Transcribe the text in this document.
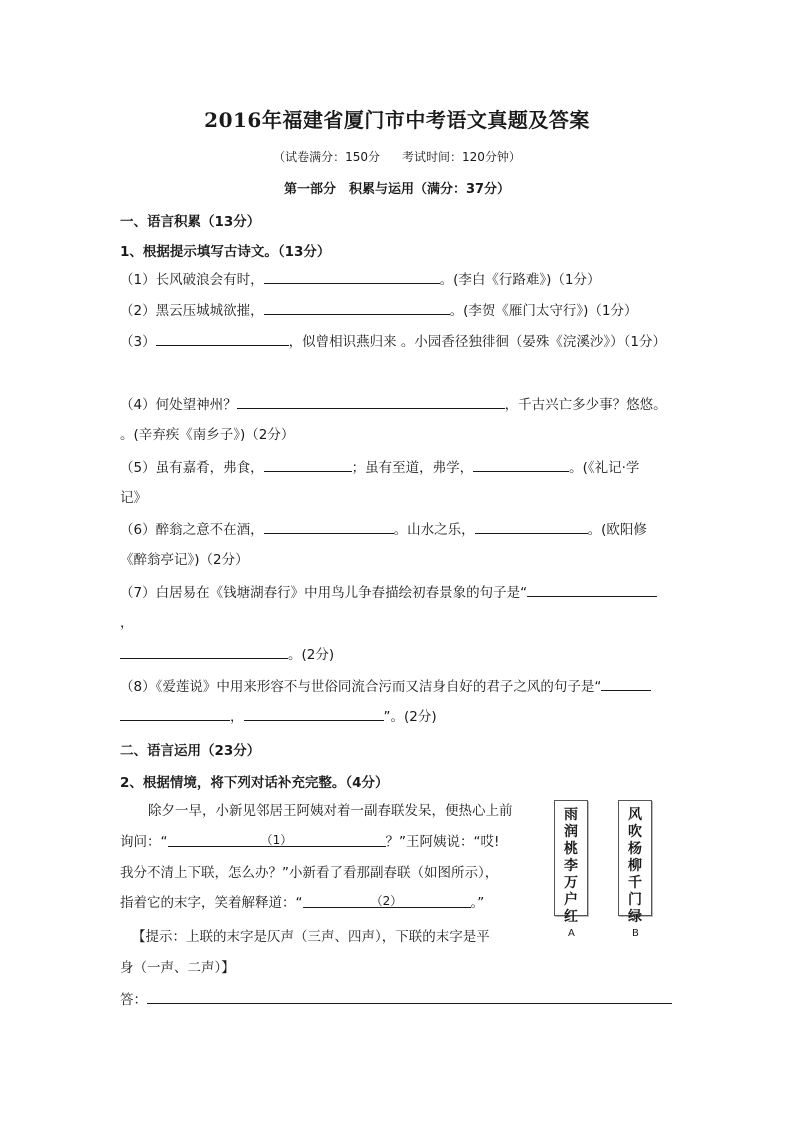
2016年福建省厦门市中考语文真题及答案
（试卷满分：150分 考试时间：120分钟）
第一部分　积累与运用（满分：37分）
一、语言积累（13分）
1、根据提示填写古诗文。（13分）
（1）长风破浪会有时，	。(李白《行路难》)（1分）
（2）黑云压城城欲摧，	。(李贺《雁门太守行》)（1分）
（3）	，似曾相识燕归来 。小园香径独徘徊（晏殊《浣溪沙》）（1分）
（4）何处望神州？	，千古兴亡多少事？悠悠。
。(辛弃疾《南乡子》)（2分）
（5）虽有嘉肴，弗食，	；虽有至道，弗学，	。(《礼记·学
记》
（6）醉翁之意不在酒，	。山水之乐，	。(欧阳修
《醉翁亭记》)（2分）
（7）白居易在《钱塘湖春行》中用鸟儿争春描绘初春景象的句子是“
，
。(2分)
（8）《爱莲说》中用来形容不与世俗同流合污而又洁身自好的君子之风的句子是“
，	”。(2分)
二、语言运用（23分）
2、根据情境，将下列对话补充完整。（4分）
除夕一早，小新见邻居王阿姨对着一副春联发呆，便热心上前
询问：“	（1）	？”王阿姨说：“哎!
我分不清上下联，怎么办？”小新看了看那副春联（如图所示），
指着它的末字，笑着解释道：“	（2）	。”
【提示：上联的末字是仄声（三声、四声），下联的末字是平
身（一声、二声）】
答：
雨
润
桃
李
万
户
红
A
风
吹
杨
柳
千
门
绿
B
